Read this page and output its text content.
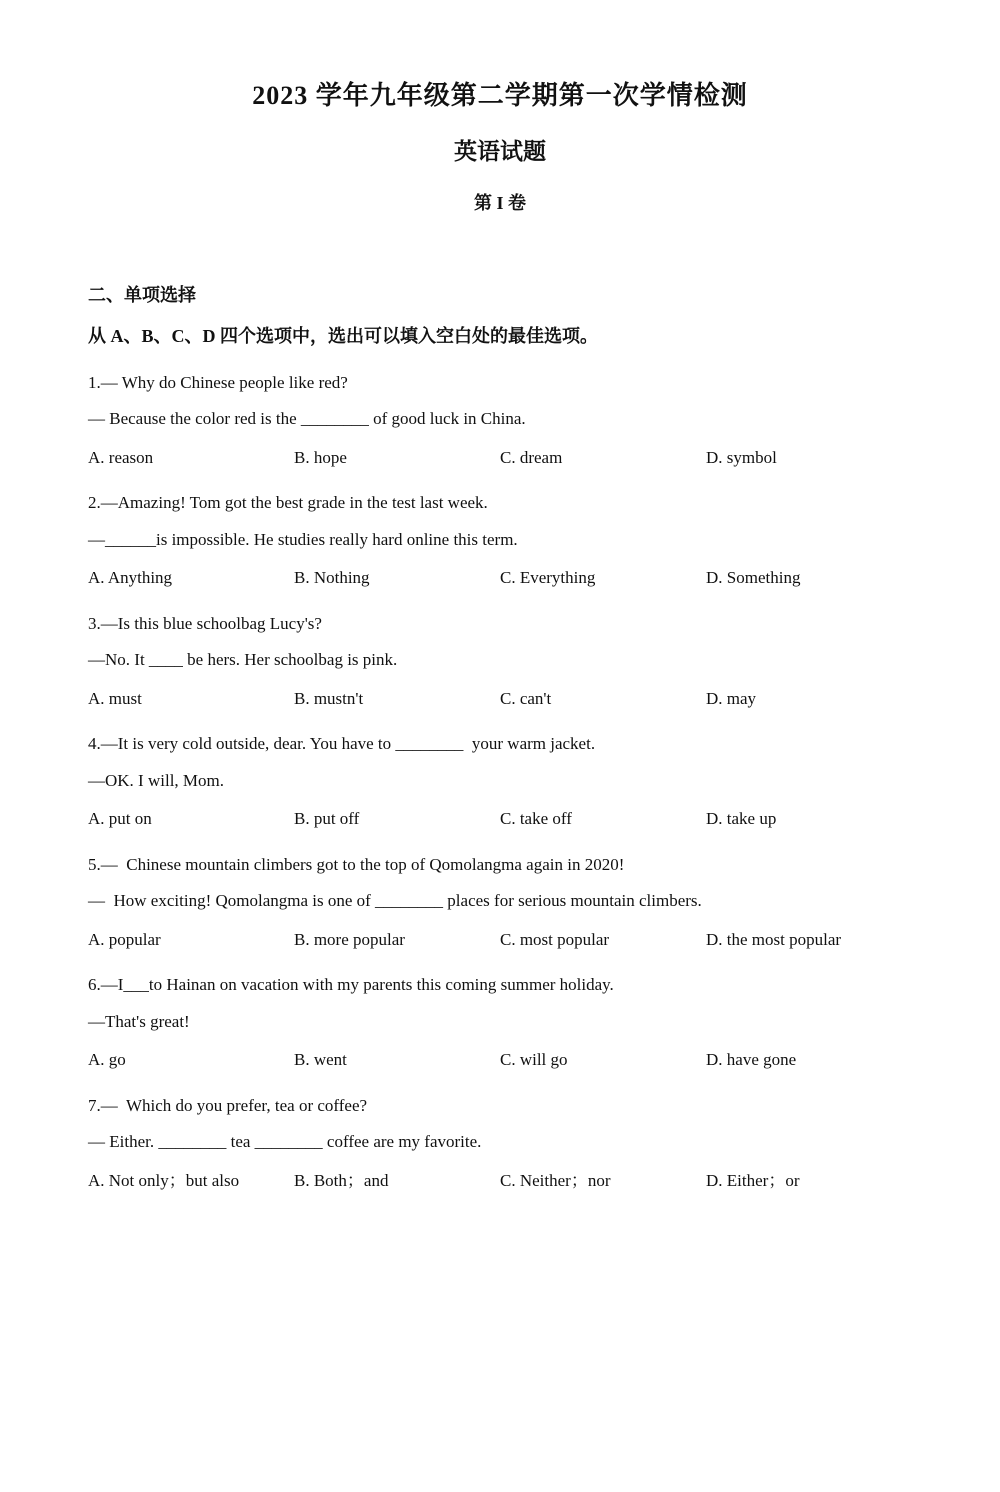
2023 学年九年级第二学期第一次学情检测
英语试题
第 I 卷
二、单项选择
从 A、B、C、D 四个选项中，选出可以填入空白处的最佳选项。
1.— Why do Chinese people like red?
— Because the color red is the ________ of good luck in China.
A. reason	B. hope	C. dream	D. symbol
2.—Amazing! Tom got the best grade in the test last week.
—______is impossible. He studies really hard online this term.
A. Anything	B. Nothing	C. Everything	D. Something
3.—Is this blue schoolbag Lucy's?
—No. It ____ be hers. Her schoolbag is pink.
A. must	B. mustn't	C. can't	D. may
4.—It is very cold outside, dear. You have to ________  your warm jacket.
—OK. I will, Mom.
A. put on	B. put off	C. take off	D. take up
5.—  Chinese mountain climbers got to the top of Qomolangma again in 2020!
—  How exciting! Qomolangma is one of ________ places for serious mountain climbers.
A. popular	B. more popular	C. most popular	D. the most popular
6.—I___to Hainan on vacation with my parents this coming summer holiday.
—That's great!
A. go	B. went	C. will go	D. have gone
7.—  Which do you prefer, tea or coffee?
— Either. ________ tea ________ coffee are my favorite.
A. Not only；but also	B. Both；and	C. Neither；nor	D. Either；or
